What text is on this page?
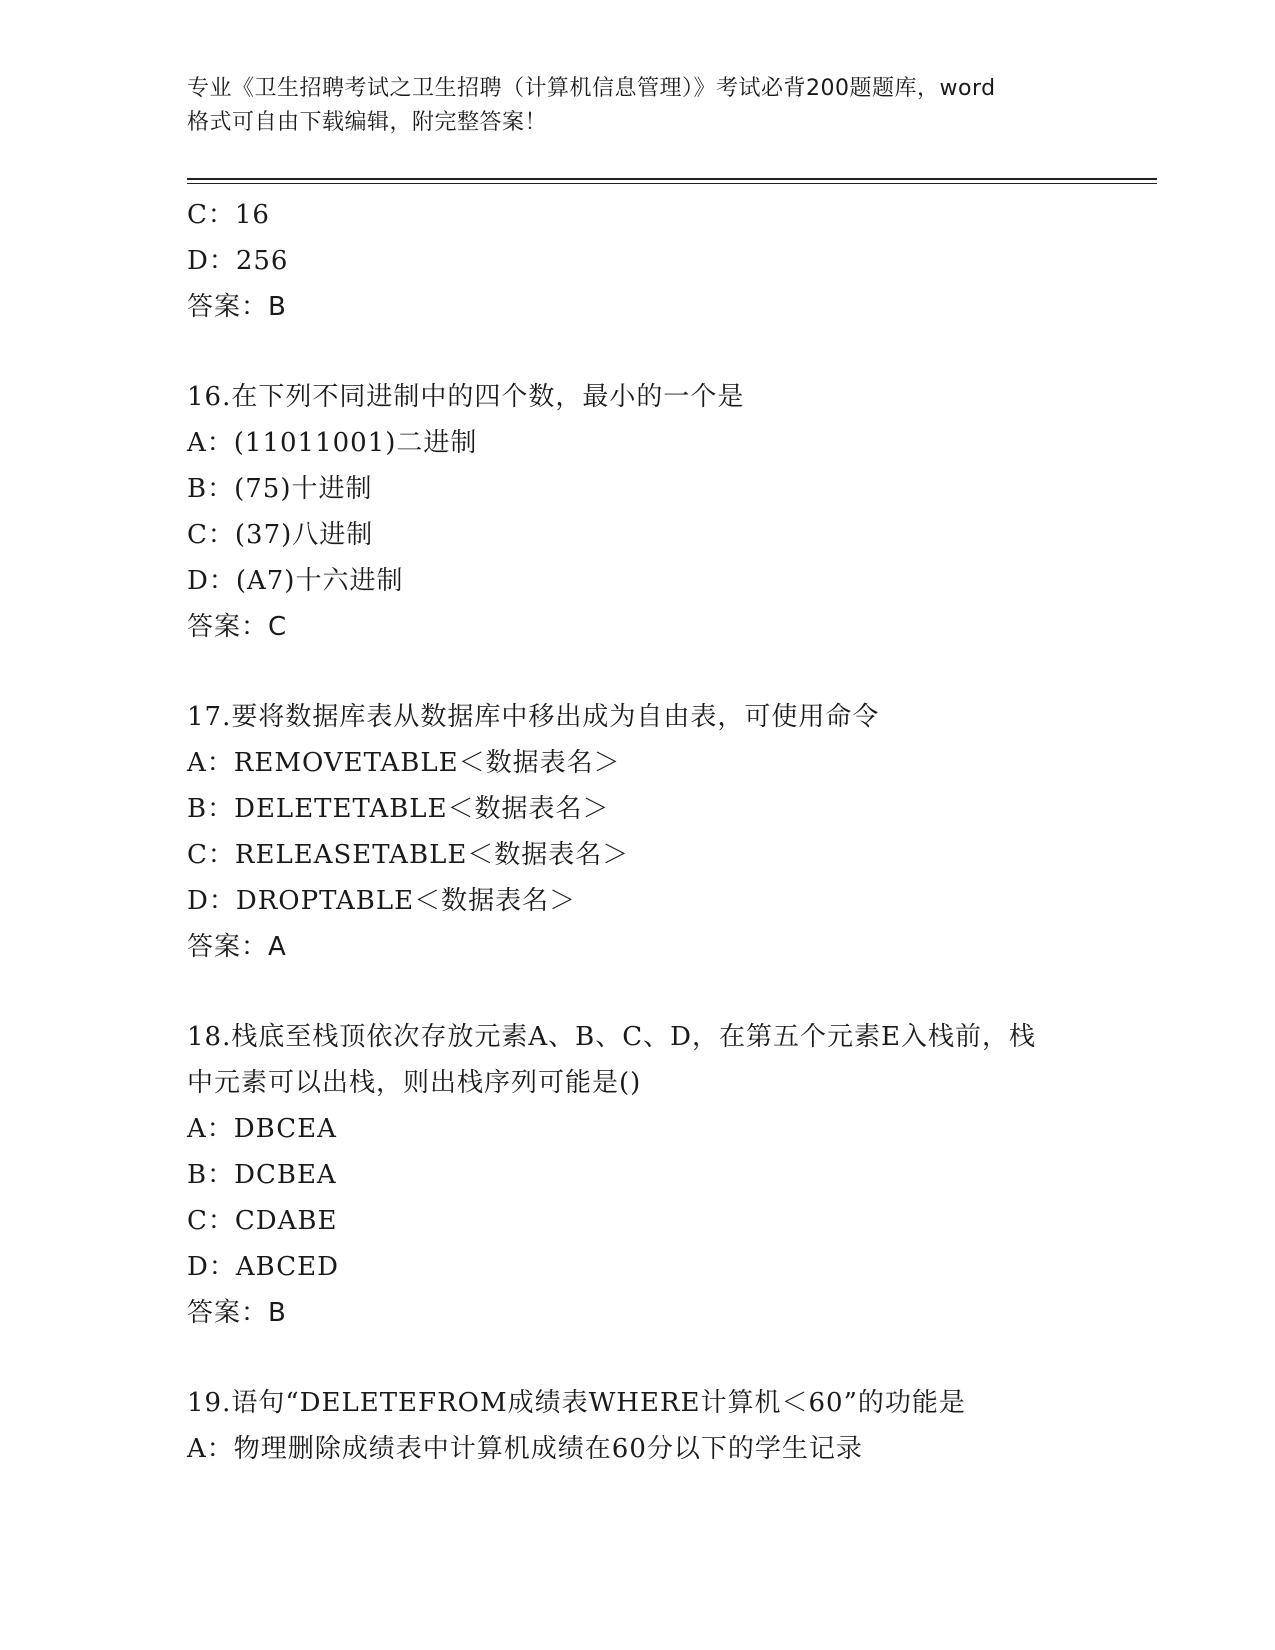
专业《卫生招聘考试之卫生招聘（计算机信息管理）》考试必背200题题库，word
格式可自由下载编辑，附完整答案！
C：16
D：256
答案：B
16.在下列不同进制中的四个数，最小的一个是
A：(11011001)二进制
B：(75)十进制
C：(37)八进制
D：(A7)十六进制
答案：C
17.要将数据库表从数据库中移出成为自由表，可使用命令
A：REMOVETABLE＜数据表名＞
B：DELETETABLE＜数据表名＞
C：RELEASETABLE＜数据表名＞
D：DROPTABLE＜数据表名＞
答案：A
18.栈底至栈顶依次存放元素A、B、C、D，在第五个元素E入栈前，栈
中元素可以出栈，则出栈序列可能是()
A：DBCEA
B：DCBEA
C：CDABE
D：ABCED
答案：B
19.语句“DELETEFROM成绩表WHERE计算机＜60”的功能是
A：物理删除成绩表中计算机成绩在60分以下的学生记录
